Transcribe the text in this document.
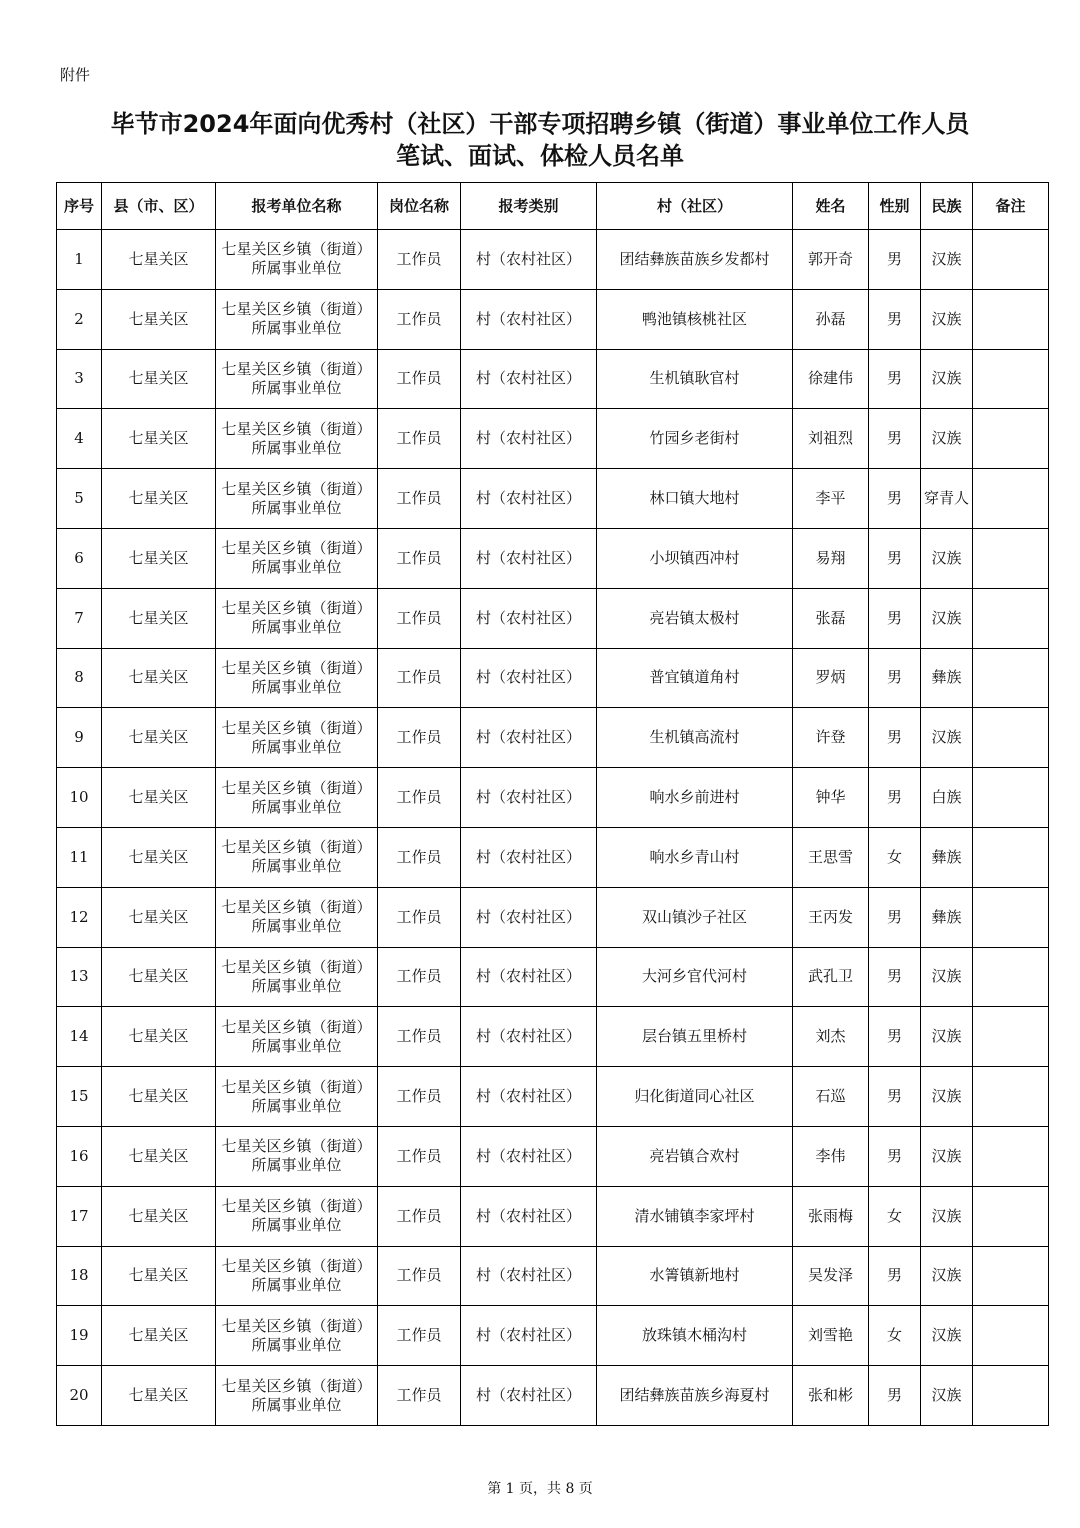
附件
毕节市2024年面向优秀村（社区）干部专项招聘乡镇（街道）事业单位工作人员
笔试、面试、体检人员名单
序号	县（市、区）	报考单位名称	岗位名称	报考类别	村（社区）	姓名	性别	民族	备注
1	七星关区	七星关区乡镇（街道）所属事业单位	工作员	村（农村社区）	团结彝族苗族乡发都村	郭开奇	男	汉族	
2	七星关区	七星关区乡镇（街道）所属事业单位	工作员	村（农村社区）	鸭池镇核桃社区	孙磊	男	汉族	
3	七星关区	七星关区乡镇（街道）所属事业单位	工作员	村（农村社区）	生机镇耿官村	徐建伟	男	汉族	
4	七星关区	七星关区乡镇（街道）所属事业单位	工作员	村（农村社区）	竹园乡老街村	刘祖烈	男	汉族	
5	七星关区	七星关区乡镇（街道）所属事业单位	工作员	村（农村社区）	林口镇大地村	李平	男	穿青人	
6	七星关区	七星关区乡镇（街道）所属事业单位	工作员	村（农村社区）	小坝镇西冲村	易翔	男	汉族	
7	七星关区	七星关区乡镇（街道）所属事业单位	工作员	村（农村社区）	亮岩镇太极村	张磊	男	汉族	
8	七星关区	七星关区乡镇（街道）所属事业单位	工作员	村（农村社区）	普宜镇道角村	罗炳	男	彝族	
9	七星关区	七星关区乡镇（街道）所属事业单位	工作员	村（农村社区）	生机镇高流村	许登	男	汉族	
10	七星关区	七星关区乡镇（街道）所属事业单位	工作员	村（农村社区）	响水乡前进村	钟华	男	白族	
11	七星关区	七星关区乡镇（街道）所属事业单位	工作员	村（农村社区）	响水乡青山村	王思雪	女	彝族	
12	七星关区	七星关区乡镇（街道）所属事业单位	工作员	村（农村社区）	双山镇沙子社区	王丙发	男	彝族	
13	七星关区	七星关区乡镇（街道）所属事业单位	工作员	村（农村社区）	大河乡官代河村	武孔卫	男	汉族	
14	七星关区	七星关区乡镇（街道）所属事业单位	工作员	村（农村社区）	层台镇五里桥村	刘杰	男	汉族	
15	七星关区	七星关区乡镇（街道）所属事业单位	工作员	村（农村社区）	归化街道同心社区	石巡	男	汉族	
16	七星关区	七星关区乡镇（街道）所属事业单位	工作员	村（农村社区）	亮岩镇合欢村	李伟	男	汉族	
17	七星关区	七星关区乡镇（街道）所属事业单位	工作员	村（农村社区）	清水铺镇李家坪村	张雨梅	女	汉族	
18	七星关区	七星关区乡镇（街道）所属事业单位	工作员	村（农村社区）	水箐镇新地村	吴发泽	男	汉族	
19	七星关区	七星关区乡镇（街道）所属事业单位	工作员	村（农村社区）	放珠镇木桶沟村	刘雪艳	女	汉族	
20	七星关区	七星关区乡镇（街道）所属事业单位	工作员	村（农村社区）	团结彝族苗族乡海夏村	张和彬	男	汉族	
第 1 页，共 8 页
